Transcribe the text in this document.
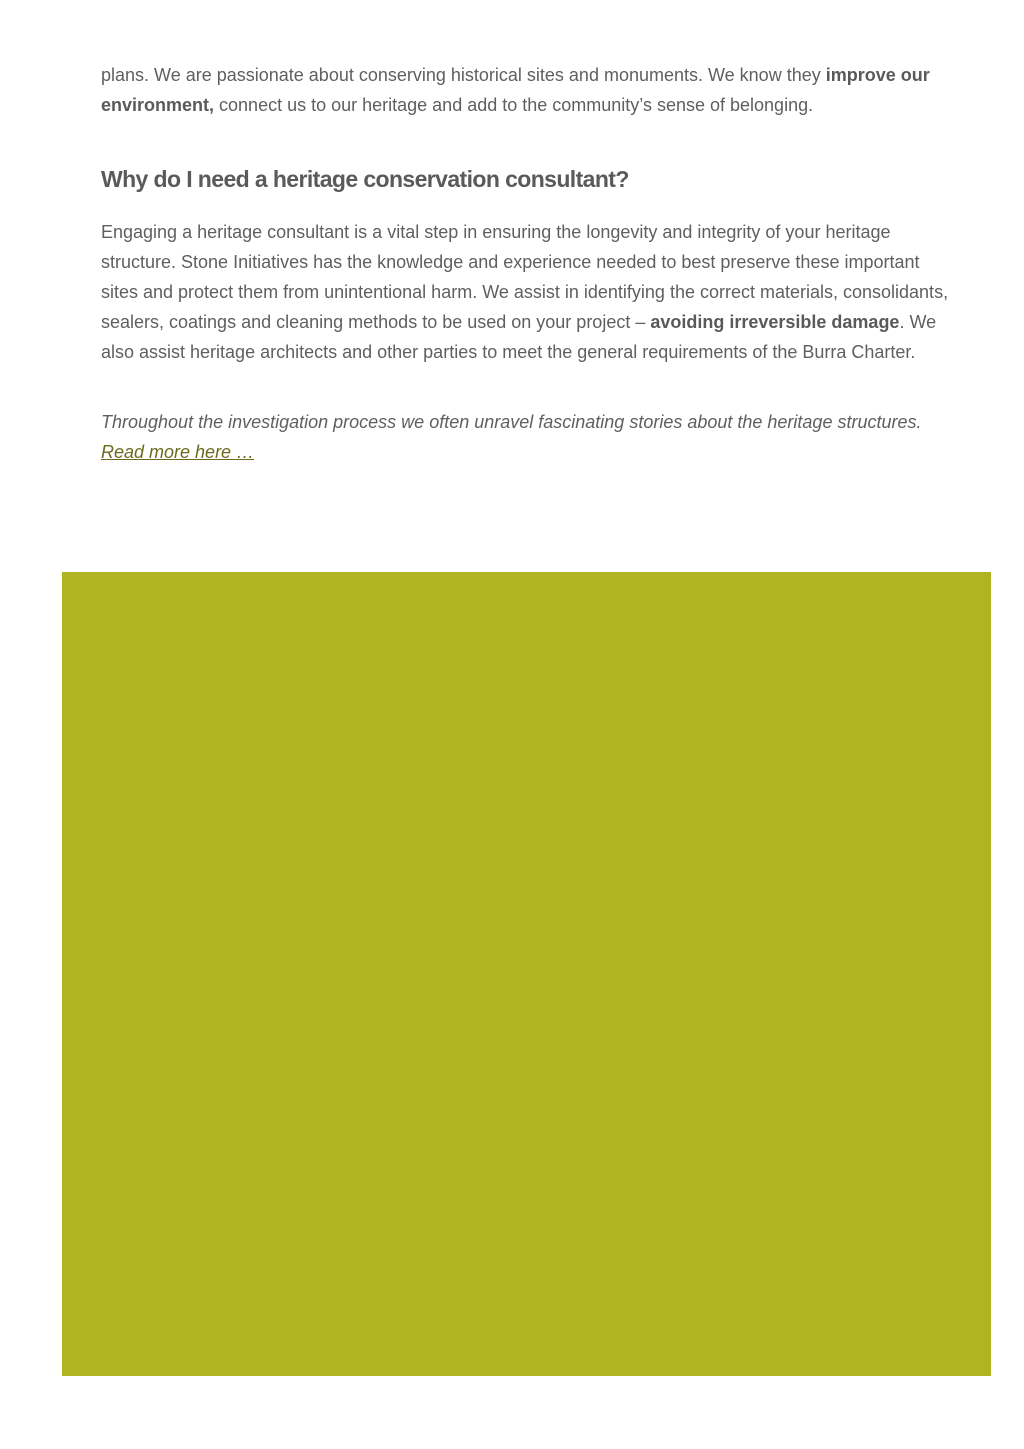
plans. We are passionate about conserving historical sites and monuments. We know they improve our environment, connect us to our heritage and add to the community’s sense of belonging.

Why do I need a heritage conservation consultant?

Engaging a heritage consultant is a vital step in ensuring the longevity and integrity of your heritage structure. Stone Initiatives has the knowledge and experience needed to best preserve these important sites and protect them from unintentional harm. We assist in identifying the correct materials, consolidants, sealers, coatings and cleaning methods to be used on your project – avoiding irreversible damage. We also assist heritage architects and other parties to meet the general requirements of the Burra Charter.

Throughout the investigation process we often unravel fascinating stories about the heritage structures.
Read more here …
